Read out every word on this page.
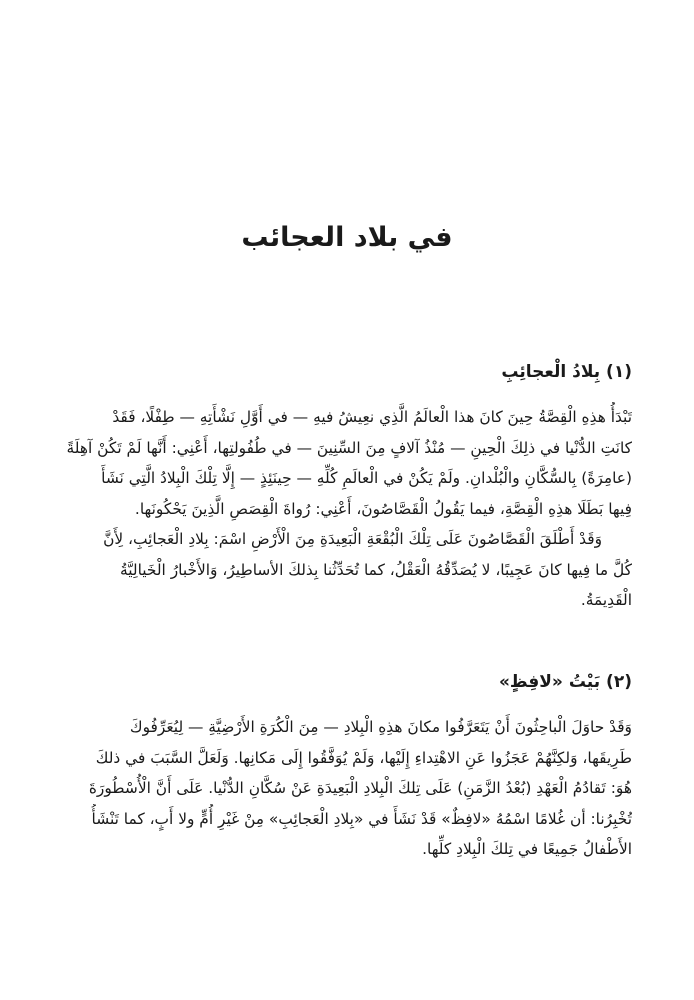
في بلاد العجائب
(١) بِلادُ الْعجائِبِ

تَبْدَأُ هذِهِ الْقِصَّةُ حِينَ كانَ هذا الْعالَمُ الَّذِي نعِيشُ فيهِ — في أَوَّلِ نَشْأَتِهِ — طِفْلًا، فَقَدْ
كانَتِ الدُّنْيا في ذلِكَ الْحِينِ — مُنْذُ آلافٍ مِنَ السِّنِينَ — في طُفُولتِها، أَعْنِي: أَنَّها لَمْ تَكُنْ آهِلَةً
(عامِرَةً) بِالسُّكَّانِ والْبُلْدانِ. ولَمْ يَكُنْ في الْعالَمِ كُلِّهِ — حِينَئِذٍ — إِلَّا تِلْكَ الْبِلادُ الَّتِي نَشَأَ
فِيها بَطَلَا هذِهِ الْقِصَّةِ، فيما يَقُولُ الْقَصَّاصُونَ، أَعْنِي: رُواةَ الْقِصَصِ الَّذِينَ يَحْكُونَها.

وَقَدْ أَطْلَقَ الْقَصَّاصُونَ عَلَى تِلْكَ الْبُقْعَةِ الْبَعِيدَةِ مِنَ الْأَرْضِ اسْمَ: بِلادِ الْعَجائِبِ، لِأَنَّ
كُلَّ ما فِيها كانَ عَجِيبًا، لا يُصَدِّقُهُ الْعَقْلُ، كما تُحَدِّثُنا بِذلكَ الأساطِيرُ، وَالأَخْبارُ الْخَيالِيَّةُ
الْقَدِيمَةُ.

(٢) بَيْتُ «لافِظٍ»

وَقَدْ حاوَلَ الْباحِثُونَ أَنْ يَتَعَرَّفُوا مكانَ هذِهِ الْبِلادِ — مِنَ الْكُرَةِ الأَرْضِيَّةِ — لِيُعَرِّفُوكَ
طَرِيقَها، وَلكِنَّهُمْ عَجَزُوا عَنِ الاهْتِداءِ إِلَيْها، وَلَمْ يُوَفَّقُوا إِلَى مَكانِها. وَلَعَلَّ السَّبَبَ في ذلكَ
هُوَ: تَقادُمُ الْعَهْدِ (بُعْدُ الزَّمَنِ) عَلَى تِلكَ الْبِلادِ الْبَعِيدَةِ عَنْ سُكَّانِ الدُّنْيا. عَلَى أَنَّ الْأُسْطُورَةَ
تُخْبِرُنا: أن غُلامًا اسْمُهُ «لافِظٌ» قَدْ نَشَأَ في «بِلادِ الْعَجائِبِ» مِنْ غَيْرِ أُمٍّ ولا أَبٍ، كما تَنْشَأُ
الأَطْفالُ جَمِيعًا في تِلكَ الْبِلادِ كلِّها.
